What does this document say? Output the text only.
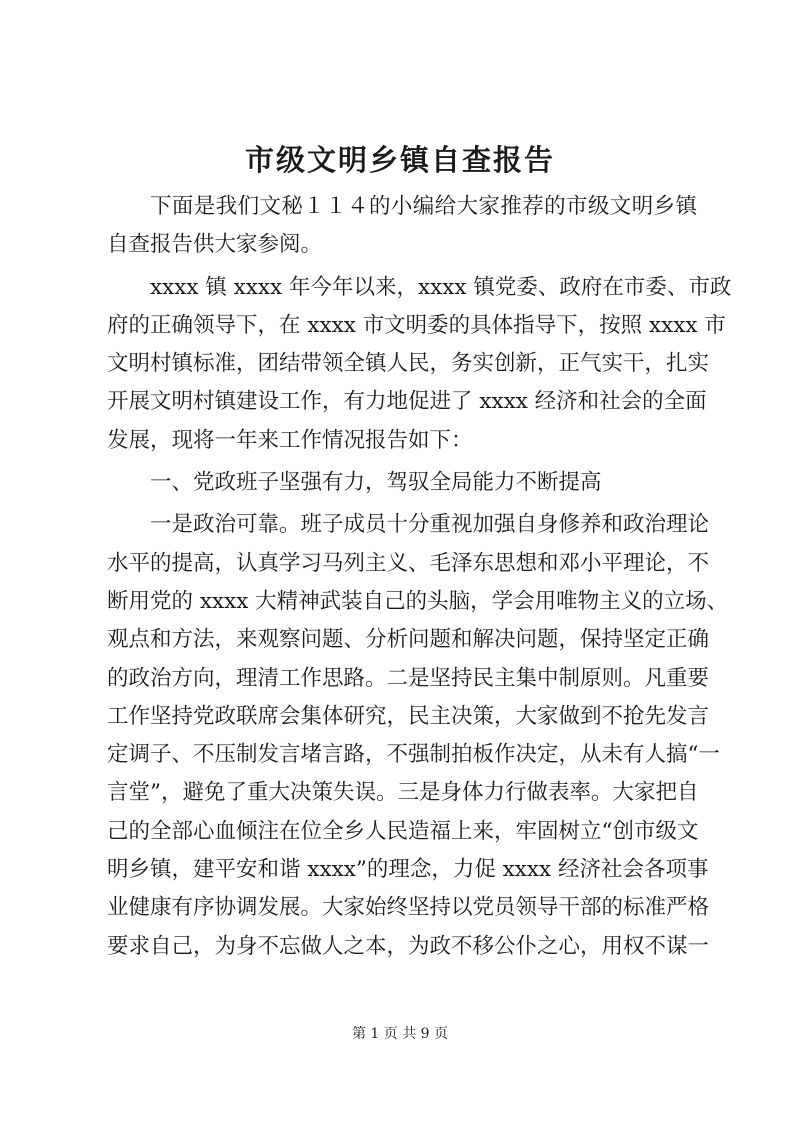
市级文明乡镇自查报告
下面是我们文秘１１４的小编给大家推荐的市级文明乡镇
自查报告供大家参阅。
xxxx 镇 xxxx 年今年以来，xxxx 镇党委、政府在市委、市政
府的正确领导下，在 xxxx 市文明委的具体指导下，按照 xxxx 市
文明村镇标准，团结带领全镇人民，务实创新，正气实干，扎实
开展文明村镇建设工作，有力地促进了 xxxx 经济和社会的全面
发展，现将一年来工作情况报告如下：
一、党政班子坚强有力，驾驭全局能力不断提高
一是政治可靠。班子成员十分重视加强自身修养和政治理论
水平的提高，认真学习马列主义、毛泽东思想和邓小平理论，不
断用党的 xxxx 大精神武装自己的头脑，学会用唯物主义的立场、
观点和方法，来观察问题、分析问题和解决问题，保持坚定正确
的政治方向，理清工作思路。二是坚持民主集中制原则。凡重要
工作坚持党政联席会集体研究，民主决策，大家做到不抢先发言
定调子、不压制发言堵言路，不强制拍板作决定，从未有人搞“一
言堂”，避免了重大决策失误。三是身体力行做表率。大家把自
己的全部心血倾注在位全乡人民造福上来，牢固树立“创市级文
明乡镇，建平安和谐 xxxx”的理念，力促 xxxx 经济社会各项事
业健康有序协调发展。大家始终坚持以党员领导干部的标准严格
要求自己，为身不忘做人之本，为政不移公仆之心，用权不谋一
第 1 页 共 9 页
